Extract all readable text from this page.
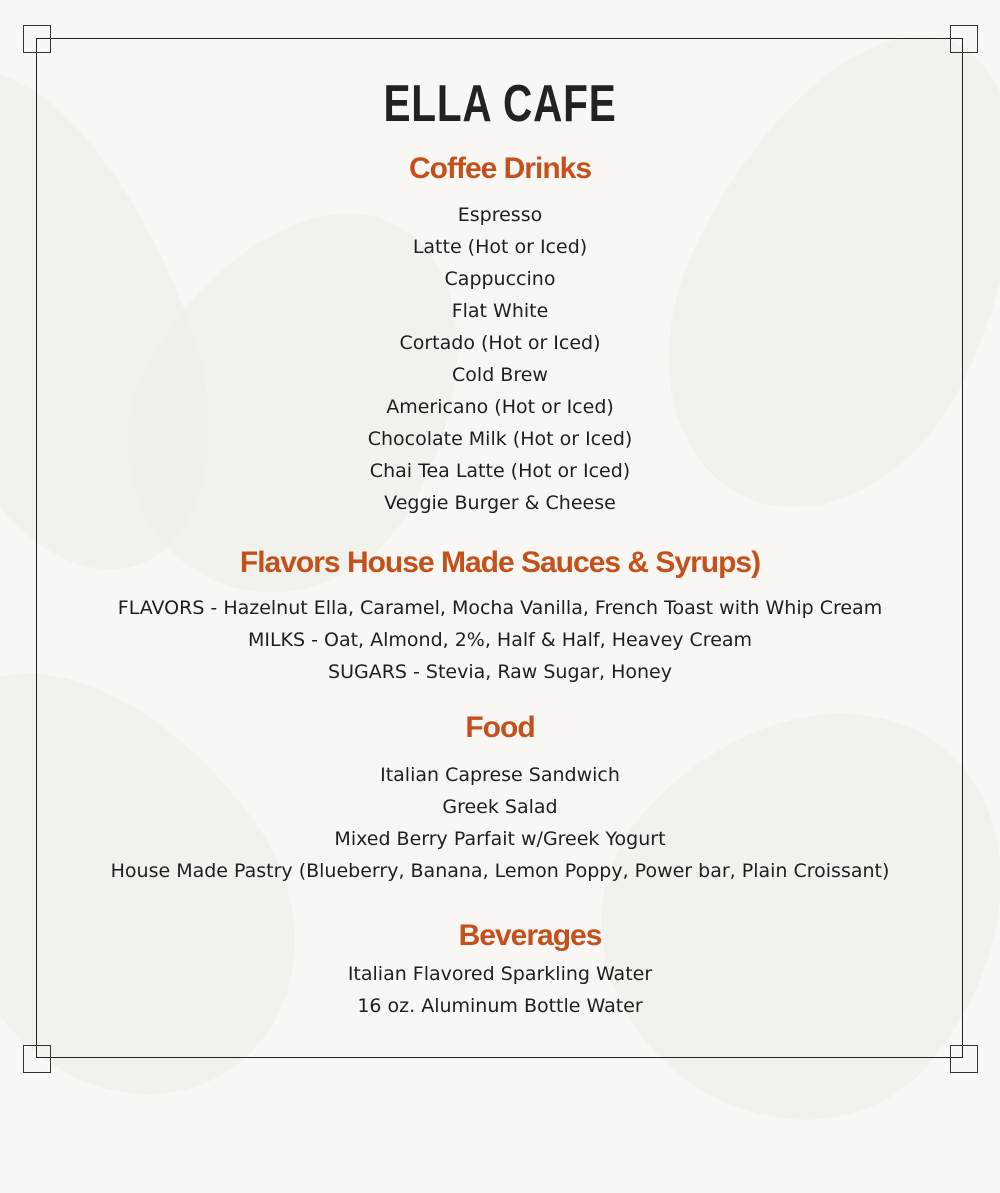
ELLA CAFE
Coffee Drinks
Espresso
Latte (Hot or Iced)
Cappuccino
Flat White
Cortado (Hot or Iced)
Cold Brew
Americano (Hot or Iced)
Chocolate Milk (Hot or Iced)
Chai Tea Latte (Hot or Iced)
Veggie Burger & Cheese
Flavors House Made Sauces & Syrups)
FLAVORS - Hazelnut Ella, Caramel, Mocha Vanilla, French Toast with Whip Cream
MILKS - Oat, Almond, 2%, Half & Half, Heavey Cream
SUGARS - Stevia, Raw Sugar, Honey
Food
Italian Caprese Sandwich
Greek Salad
Mixed Berry Parfait w/Greek Yogurt
House Made Pastry (Blueberry, Banana, Lemon Poppy, Power bar, Plain Croissant)
Beverages
Italian Flavored Sparkling Water
16 oz. Aluminum Bottle Water
